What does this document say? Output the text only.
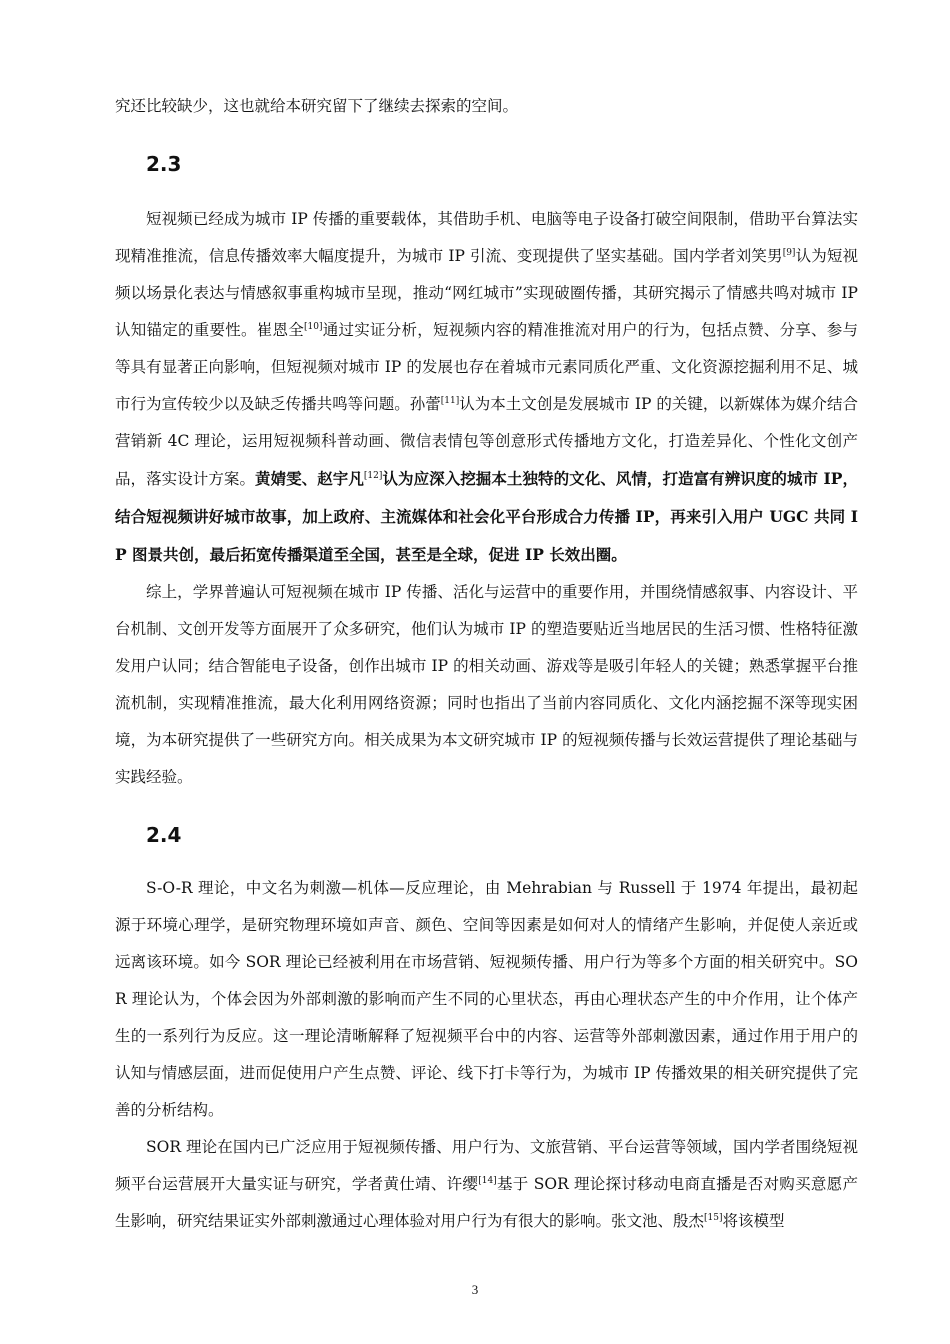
究还比较缺少，这也就给本研究留下了继续去探索的空间。

2.3

短视频已经成为城市 IP 传播的重要载体，其借助手机、电脑等电子设备打破空间限制，借助平台算法实现精准推流，信息传播效率大幅度提升，为城市 IP 引流、变现提供了坚实基础。国内学者刘笑男[9]认为短视频以场景化表达与情感叙事重构城市呈现，推动“网红城市”实现破圈传播，其研究揭示了情感共鸣对城市 IP 认知锚定的重要性。崔恩全[10]通过实证分析，短视频内容的精准推流对用户的行为，包括点赞、分享、参与等具有显著正向影响，但短视频对城市 IP 的发展也存在着城市元素同质化严重、文化资源挖掘利用不足、城市行为宣传较少以及缺乏传播共鸣等问题。孙蕾[11]认为本土文创是发展城市 IP 的关键，以新媒体为媒介结合营销新 4C 理论，运用短视频科普动画、微信表情包等创意形式传播地方文化，打造差异化、个性化文创产品，落实设计方案。黄婧雯、赵宇凡[12]认为应深入挖掘本土独特的文化、风情，打造富有辨识度的城市 IP，结合短视频讲好城市故事，加上政府、主流媒体和社会化平台形成合力传播 IP，再来引入用户 UGC 共同 IP 图景共创，最后拓宽传播渠道至全国，甚至是全球，促进 IP 长效出圈。

综上，学界普遍认可短视频在城市 IP 传播、活化与运营中的重要作用，并围绕情感叙事、内容设计、平台机制、文创开发等方面展开了众多研究，他们认为城市 IP 的塑造要贴近当地居民的生活习惯、性格特征激发用户认同；结合智能电子设备，创作出城市 IP 的相关动画、游戏等是吸引年轻人的关键；熟悉掌握平台推流机制，实现精准推流，最大化利用网络资源；同时也指出了当前内容同质化、文化内涵挖掘不深等现实困境，为本研究提供了一些研究方向。相关成果为本文研究城市 IP 的短视频传播与长效运营提供了理论基础与实践经验。

2.4

S-O-R 理论，中文名为刺激—机体—反应理论，由 Mehrabian 与 Russell 于 1974 年提出，最初起源于环境心理学，是研究物理环境如声音、颜色、空间等因素是如何对人的情绪产生影响，并促使人亲近或远离该环境。如今 SOR 理论已经被利用在市场营销、短视频传播、用户行为等多个方面的相关研究中。SOR 理论认为，个体会因为外部刺激的影响而产生不同的心里状态，再由心理状态产生的中介作用，让个体产生的一系列行为反应。这一理论清晰解释了短视频平台中的内容、运营等外部刺激因素，通过作用于用户的认知与情感层面，进而促使用户产生点赞、评论、线下打卡等行为，为城市 IP 传播效果的相关研究提供了完善的分析结构。

SOR 理论在国内已广泛应用于短视频传播、用户行为、文旅营销、平台运营等领域，国内学者围绕短视频平台运营展开大量实证与研究，学者黄仕靖、许缨[14]基于 SOR 理论探讨移动电商直播是否对购买意愿产生影响，研究结果证实外部刺激通过心理体验对用户行为有很大的影响。张文池、殷杰[15]将该模型

3
